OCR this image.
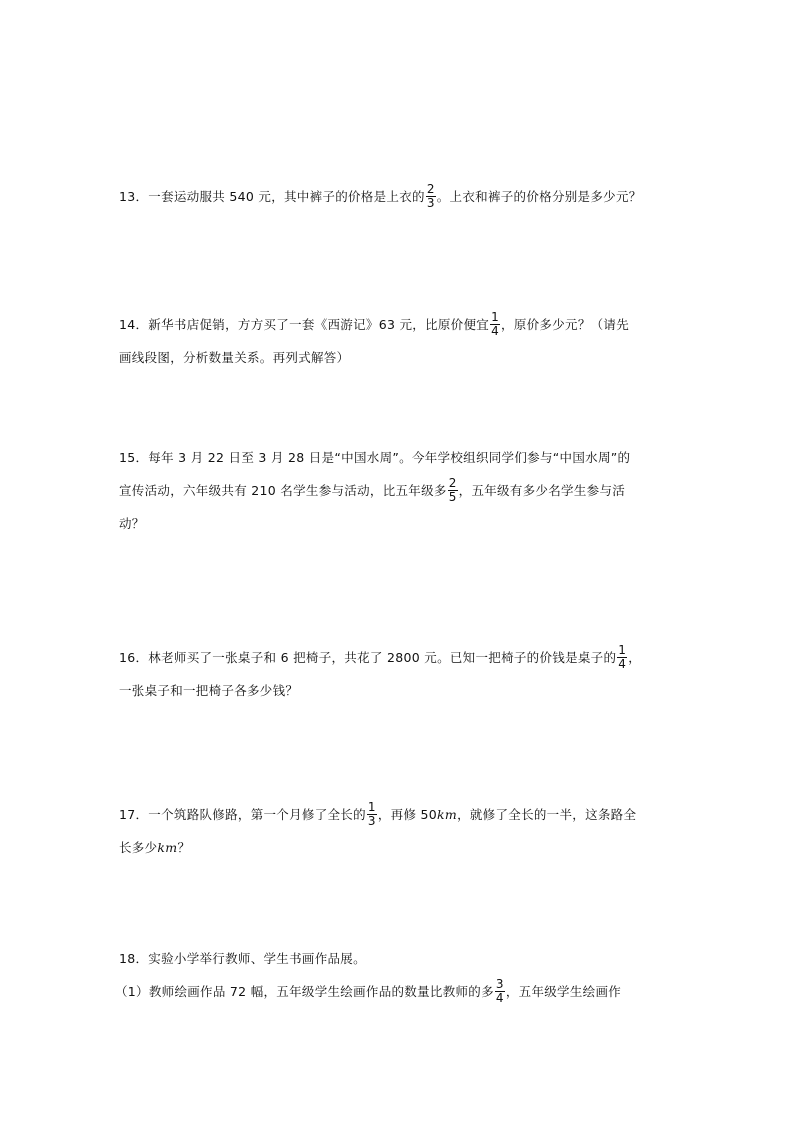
13．一套运动服共 540 元，其中裤子的价格是上衣的 $\frac{2}{3}$ 。上衣和裤子的价格分别是多少元？
14．新华书店促销，方方买了一套《西游记》63 元，比原价便宜 $\frac{1}{4}$ ，原价多少元？（请先
画线段图，分析数量关系。再列式解答）
15．每年 3 月 22 日至 3 月 28 日是“中国水周”。今年学校组织同学们参与“中国水周”的
宣传活动，六年级共有 210 名学生参与活动，比五年级多 $\frac{2}{5}$ ，五年级有多少名学生参与活
动？
16．林老师买了一张桌子和 6 把椅子，共花了 2800 元。已知一把椅子的价钱是桌子的 $\frac{1}{4}$ ，
一张桌子和一把椅子各多少钱？
17．一个筑路队修路，第一个月修了全长的 $\frac{1}{3}$ ，再修 50km，就修了全长的一半，这条路全
长多少km？
18．实验小学举行教师、学生书画作品展。
（1）教师绘画作品 72 幅，五年级学生绘画作品的数量比教师的多 $\frac{3}{4}$ ，五年级学生绘画作
